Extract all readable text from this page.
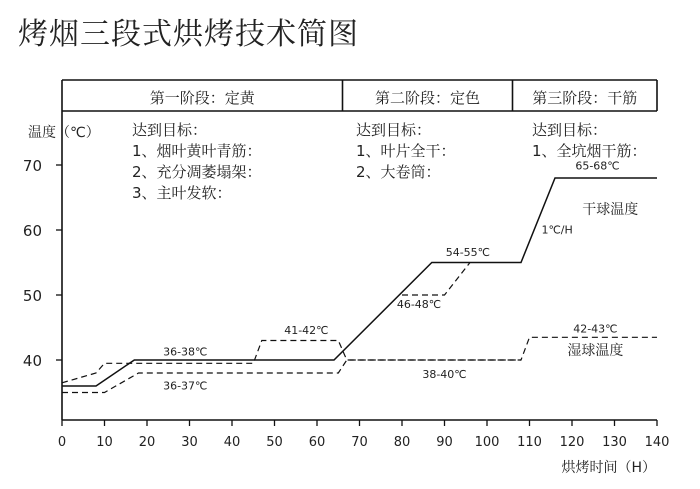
烤烟三段式烘烤技术简图
第一阶段：定黄
达到目标：
1、烟叶黄叶青筋：
2、充分凋萎塌架：
3、主叶发软：
第二阶段：定色
达到目标：
1、叶片全干：
2、大卷筒：
第三阶段：干筋
达到目标：
1、全坑烟干筋：
0 10 20 30 40 50 60 70 80 90 100 110 120 130 140
40
50
60
70
温度（℃）
烘烤时间（H）
65-68℃
干球温度
1℃/H
54-55℃
46-48℃
41-42℃	42-43℃
湿球温度
36-38℃
36-37℃
38-40℃
